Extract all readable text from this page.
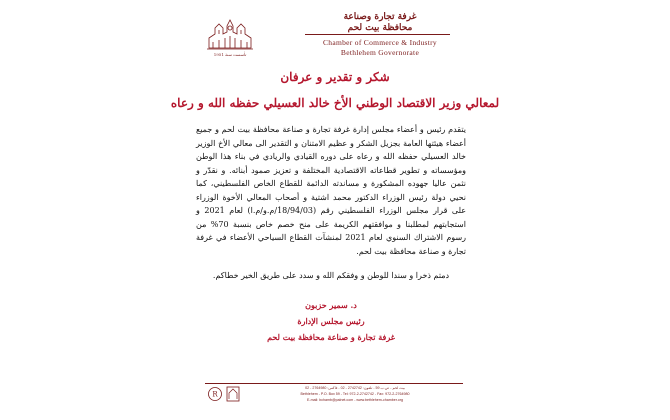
تأسست سنة 1951
غرفة تجارة وصناعة
محافظة بيت لحم
Chamber of Commerce & Industry
Bethlehem Governorate
شكر و تقدير و عرفان
لمعالي وزير الاقتصاد الوطني الأخ خالد العسيلي حفظه الله و رعاه
يتقدم رئيس و أعضاء مجلس إدارة غرفة تجارة و صناعة محافظة بيت لحم و جميع أعضاء هيئتها العامة بجزيل الشكر و عظيم الامتنان و التقدير الى معالي الأخ الوزير خالد العسيلي حفظه الله و رعاه على دوره القيادي والريادي في بناء هذا الوطن ومؤسساته و تطوير قطاعاته الاقتصادية المختلفة و تعزيز صمود أبنائه. و نقدّر و نثمن عاليا جهوده المشكورة و مساندته الدائمة للقطاع الخاص الفلسطيني، كما نحيي دولة رئيس الوزراء الدكتور محمد اشتية و أصحاب المعالي الأخوة الوزراء على قرار مجلس الوزراء الفلسطيني رقم (18/94/03/م.و/م.ا) لعام 2021 و استجابتهم لمطلبنا و موافقتهم الكريمة على منح خصم خاص بنسبة 70% من رسوم الاشتراك السنوي لعام 2021 لمنشآت القطاع السياحي الأعضاء في غرفة تجارة و صناعة محافظة بيت لحم.
دمتم ذخرا و سندا للوطن و وفقكم الله و سدد على طريق الخير خطاكم.
د. سمير حزبون
رئيس مجلس الإدارة
غرفة تجارة و صناعة محافظة بيت لحم
R
بيت لحم - ص.ب 59 - تلفون: 2742742 - 02 - فاكس: 2764980 - 02
Bethlehem - P.O. Box 59 - Tel: 972-2-2742742 - Fax: 972-2-2764980
E-mail: bchamb@palnet.com - www.bethlehem-chamber.org
